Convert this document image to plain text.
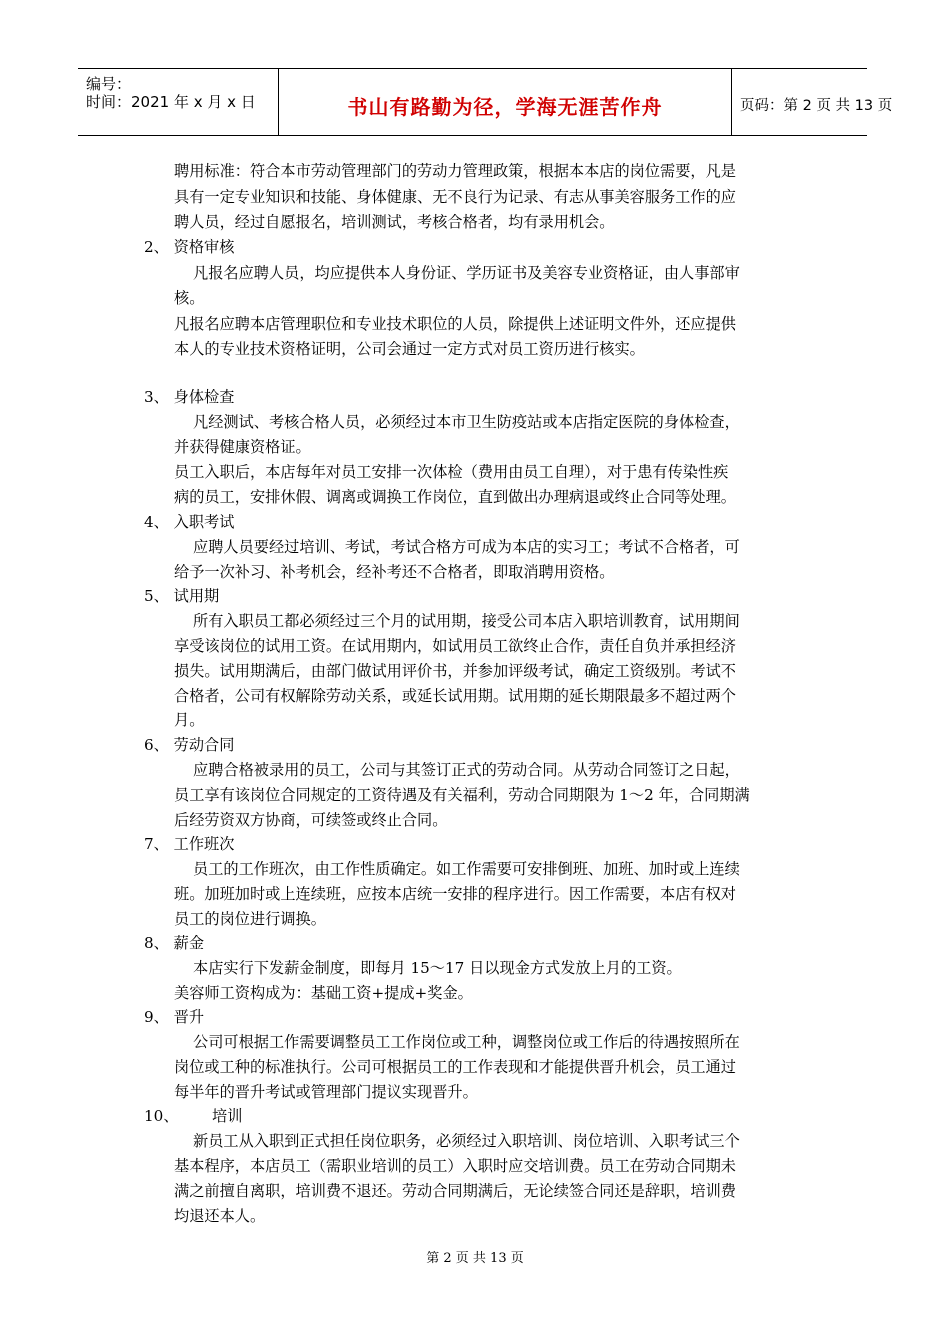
编号：
时间：2021 年 x 月 x 日	书山有路勤为径，学海无涯苦作舟	页码：第 2 页 共 13 页
聘用标准：符合本市劳动管理部门的劳动力管理政策，根据本本店的岗位需要，凡是
具有一定专业知识和技能、身体健康、无不良行为记录、有志从事美容服务工作的应
聘人员，经过自愿报名，培训测试，考核合格者，均有录用机会。
2、 资格审核
凡报名应聘人员，均应提供本人身份证、学历证书及美容专业资格证，由人事部审
核。
凡报名应聘本店管理职位和专业技术职位的人员，除提供上述证明文件外，还应提供
本人的专业技术资格证明，公司会通过一定方式对员工资历进行核实。
3、 身体检查
凡经测试、考核合格人员，必须经过本市卫生防疫站或本店指定医院的身体检查，
并获得健康资格证。
员工入职后，本店每年对员工安排一次体检（费用由员工自理），对于患有传染性疾
病的员工，安排休假、调离或调换工作岗位，直到做出办理病退或终止合同等处理。
4、 入职考试
应聘人员要经过培训、考试，考试合格方可成为本店的实习工；考试不合格者，可
给予一次补习、补考机会，经补考还不合格者，即取消聘用资格。
5、 试用期
所有入职员工都必须经过三个月的试用期，接受公司本店入职培训教育，试用期间
享受该岗位的试用工资。在试用期内，如试用员工欲终止合作，责任自负并承担经济
损失。试用期满后，由部门做试用评价书，并参加评级考试，确定工资级别。考试不
合格者，公司有权解除劳动关系，或延长试用期。试用期的延长期限最多不超过两个
月。
6、 劳动合同
应聘合格被录用的员工，公司与其签订正式的劳动合同。从劳动合同签订之日起，
员工享有该岗位合同规定的工资待遇及有关福利，劳动合同期限为 1～2 年，合同期满
后经劳资双方协商，可续签或终止合同。
7、 工作班次
员工的工作班次，由工作性质确定。如工作需要可安排倒班、加班、加时或上连续
班。加班加时或上连续班，应按本店统一安排的程序进行。因工作需要，本店有权对
员工的岗位进行调换。
8、 薪金
本店实行下发薪金制度，即每月 15～17 日以现金方式发放上月的工资。
美容师工资构成为：基础工资+提成+奖金。
9、 晋升
公司可根据工作需要调整员工工作岗位或工种，调整岗位或工作后的待遇按照所在
岗位或工种的标准执行。公司可根据员工的工作表现和才能提供晋升机会，员工通过
每半年的晋升考试或管理部门提议实现晋升。
10、 培训
新员工从入职到正式担任岗位职务，必须经过入职培训、岗位培训、入职考试三个
基本程序，本店员工（需职业培训的员工）入职时应交培训费。员工在劳动合同期未
满之前擅自离职，培训费不退还。劳动合同期满后，无论续签合同还是辞职，培训费
均退还本人。
第 2 页 共 13 页
